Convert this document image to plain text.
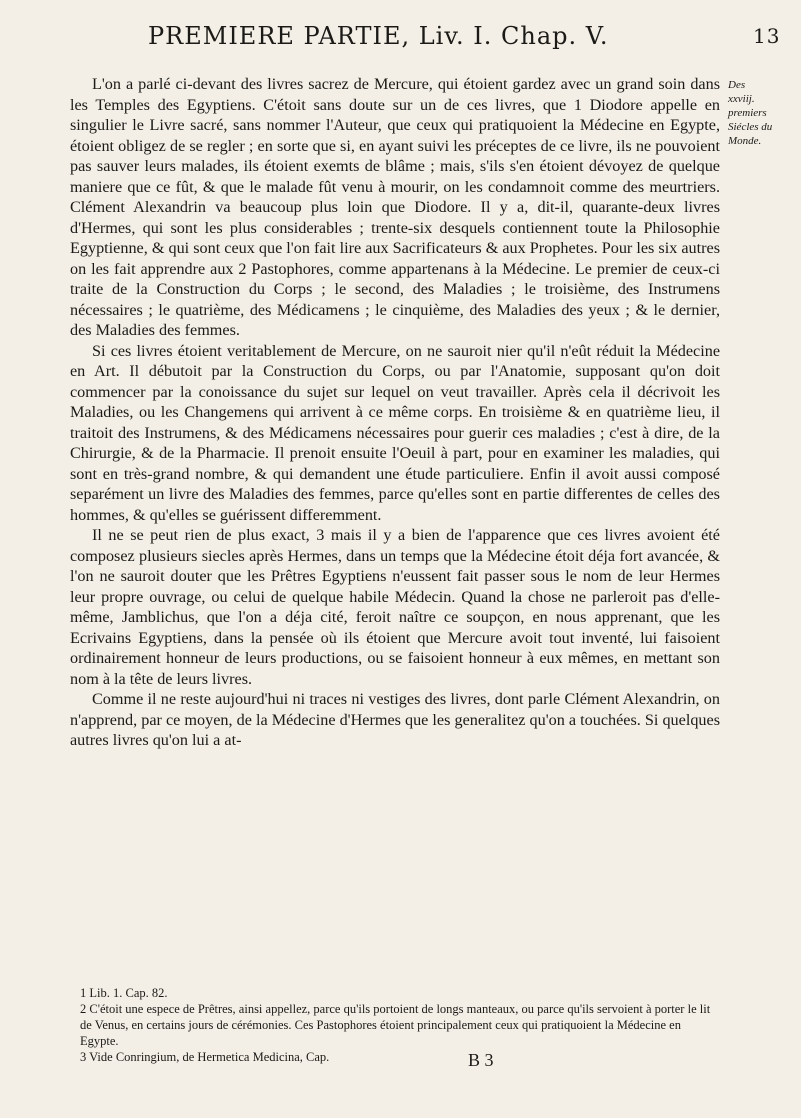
PREMIERE PARTIE, Liv. I. Chap. V.	13
Des
xxviij.
premiers
Siécles du
Monde.

L'on a parlé ci-devant des livres sacrez de Mercure, qui étoient gardez avec un grand soin dans les Temples des Egyptiens. C'étoit sans doute sur un de ces livres, que 1 Diodore appelle en singulier le Livre sacré, sans nommer l'Auteur, que ceux qui pratiquoient la Médecine en Egypte, étoient obligez de se regler ; en sorte que si, en ayant suivi les préceptes de ce livre, ils ne pouvoient pas sauver leurs malades, ils étoient exemts de blâme ; mais, s'ils s'en étoient dévoyez de quelque maniere que ce fût, & que le malade fût venu à mourir, on les condamnoit comme des meurtriers. Clément Alexandrin va beaucoup plus loin que Diodore. Il y a, dit-il, quarante-deux livres d'Hermes, qui sont les plus considerables ; trente-six desquels contiennent toute la Philosophie Egyptienne, & qui sont ceux que l'on fait lire aux Sacrificateurs & aux Prophetes. Pour les six autres on les fait apprendre aux 2 Pastophores, comme appartenans à la Médecine. Le premier de ceux-ci traite de la Construction du Corps ; le second, des Maladies ; le troisième, des Instrumens nécessaires ; le quatrième, des Médicamens ; le cinquième, des Maladies des yeux ; & le dernier, des Maladies des femmes.

Si ces livres étoient veritablement de Mercure, on ne sauroit nier qu'il n'eût réduit la Médecine en Art. Il débutoit par la Construction du Corps, ou par l'Anatomie, supposant qu'on doit commencer par la conoissance du sujet sur lequel on veut travailler. Après cela il décrivoit les Maladies, ou les Changemens qui arrivent à ce même corps. En troisième & en quatrième lieu, il traitoit des Instrumens, & des Médicamens nécessaires pour guerir ces maladies ; c'est à dire, de la Chirurgie, & de la Pharmacie. Il prenoit ensuite l'Oeuil à part, pour en examiner les maladies, qui sont en très-grand nombre, & qui demandent une étude particuliere. Enfin il avoit aussi composé separément un livre des Maladies des femmes, parce qu'elles sont en partie differentes de celles des hommes, & qu'elles se guérissent differemment.

Il ne se peut rien de plus exact, 3 mais il y a bien de l'apparence que ces livres avoient été composez plusieurs siecles après Hermes, dans un temps que la Médecine étoit déja fort avancée, & l'on ne sauroit douter que les Prêtres Egyptiens n'eussent fait passer sous le nom de leur Hermes leur propre ouvrage, ou celui de quelque habile Médecin. Quand la chose ne parleroit pas d'elle-même, Jamblichus, que l'on a déja cité, feroit naître ce soupçon, en nous apprenant, que les Ecrivains Egyptiens, dans la pensée où ils étoient que Mercure avoit tout inventé, lui faisoient ordinairement honneur de leurs productions, ou se faisoient honneur à eux mêmes, en mettant son nom à la tête de leurs livres.

Comme il ne reste aujourd'hui ni traces ni vestiges des livres, dont parle Clément Alexandrin, on n'apprend, par ce moyen, de la Médecine d'Hermes que les generalitez qu'on a touchées. Si quelques autres livres qu'on lui a at-

1 Lib. 1. Cap. 82.
2 C'étoit une espece de Prêtres, ainsi appellez, parce qu'ils portoient de longs manteaux, ou parce qu'ils servoient à porter le lit de Venus, en certains jours de cérémonies. Ces Pastophores étoient principalement ceux qui pratiquoient la Médecine en Egypte.
3 Vide Conringium, de Hermetica Medicina, Cap.	B 3
